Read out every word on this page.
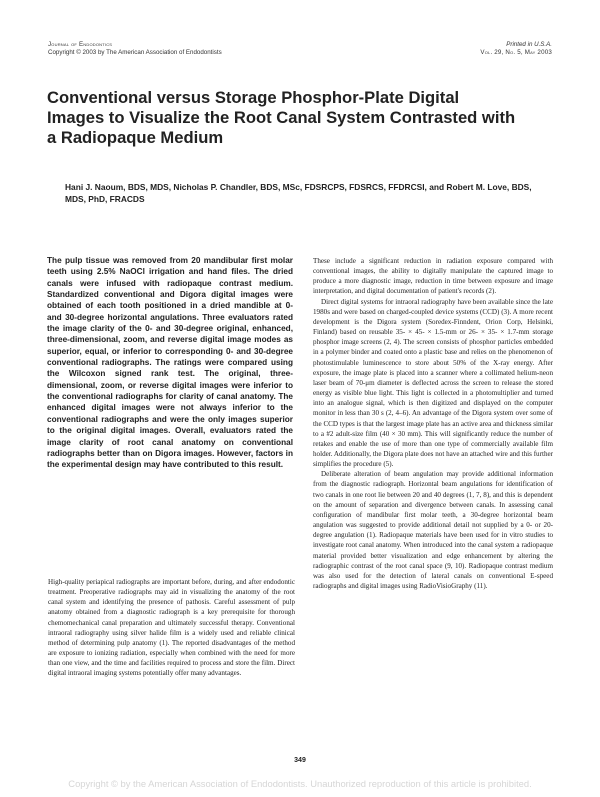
Journal of Endodontics
Copyright © 2003 by The American Association of Endodontists
Printed in U.S.A.
Vol. 29, No. 5, May 2003
Conventional versus Storage Phosphor-Plate Digital Images to Visualize the Root Canal System Contrasted with a Radiopaque Medium
Hani J. Naoum, BDS, MDS, Nicholas P. Chandler, BDS, MSc, FDSRCPS, FDSRCS, FFDRCSI, and Robert M. Love, BDS, MDS, PhD, FRACDS

The pulp tissue was removed from 20 mandibular first molar teeth using 2.5% NaOCl irrigation and hand files. The dried canals were infused with radiopaque contrast medium. Standardized conventional and Digora digital images were obtained of each tooth positioned in a dried mandible at 0- and 30-degree horizontal angulations. Three evaluators rated the image clarity of the 0- and 30-degree original, enhanced, three-dimensional, zoom, and reverse digital image modes as superior, equal, or inferior to corresponding 0- and 30-degree conventional radiographs. The ratings were compared using the Wilcoxon signed rank test. The original, three-dimensional, zoom, or reverse digital images were inferior to the conventional radiographs for clarity of canal anatomy. The enhanced digital images were not always inferior to the conventional radiographs and were the only images superior to the original digital images. Overall, evaluators rated the image clarity of root canal anatomy on conventional radiographs better than on Digora images. However, factors in the experimental design may have contributed to this result.

High-quality periapical radiographs are important before, during, and after endodontic treatment. Preoperative radiographs may aid in visualizing the anatomy of the root canal system and identifying the presence of pathosis. Careful assessment of pulp anatomy obtained from a diagnostic radiograph is a key prerequisite for thorough chemomechanical canal preparation and ultimately successful therapy. Conventional intraoral radiography using silver halide film is a widely used and reliable clinical method of determining pulp anatomy (1). The reported disadvantages of the method are exposure to ionizing radiation, especially when combined with the need for more than one view, and the time and facilities required to process and store the film. Direct digital intraoral imaging systems potentially offer many advantages.

These include a significant reduction in radiation exposure compared with conventional images, the ability to digitally manipulate the captured image to produce a more diagnostic image, reduction in time between exposure and image interpretation, and digital documentation of patient's records (2).

Direct digital systems for intraoral radiography have been available since the late 1980s and were based on charged-coupled device systems (CCD) (3). A more recent development is the Digora system (Soredex-Finndent, Orion Corp, Helsinki, Finland) based on reusable 35- × 45- × 1.5-mm or 26- × 35- × 1.7-mm storage phosphor image screens (2, 4). The screen consists of phosphor particles embedded in a polymer binder and coated onto a plastic base and relies on the phenomenon of photostimulable luminescence to store about 50% of the X-ray energy. After exposure, the image plate is placed into a scanner where a collimated helium-neon laser beam of 70-μm diameter is deflected across the screen to release the stored energy as visible blue light. This light is collected in a photomultiplier and turned into an analogue signal, which is then digitized and displayed on the computer monitor in less than 30 s (2, 4–6). An advantage of the Digora system over some of the CCD types is that the largest image plate has an active area and thickness similar to a #2 adult-size film (40 × 30 mm). This will significantly reduce the number of retakes and enable the use of more than one type of commercially available film holder. Additionally, the Digora plate does not have an attached wire and this further simplifies the procedure (5).

Deliberate alteration of beam angulation may provide additional information from the diagnostic radiograph. Horizontal beam angulations for identification of two canals in one root lie between 20 and 40 degrees (1, 7, 8), and this is dependent on the amount of separation and divergence between canals. In assessing canal configuration of mandibular first molar teeth, a 30-degree horizontal beam angulation was suggested to provide additional detail not supplied by a 0- or 20-degree angulation (1). Radiopaque materials have been used for in vitro studies to investigate root canal anatomy. When introduced into the canal system a radiopaque material provided better visualization and edge enhancement by altering the radiographic contrast of the root canal space (9, 10). Radiopaque contrast medium was also used for the detection of lateral canals on conventional E-speed radiographs and digital images using RadioVisioGraphy (11).

349
Copyright © by the American Association of Endodontists. Unauthorized reproduction of this article is prohibited.
